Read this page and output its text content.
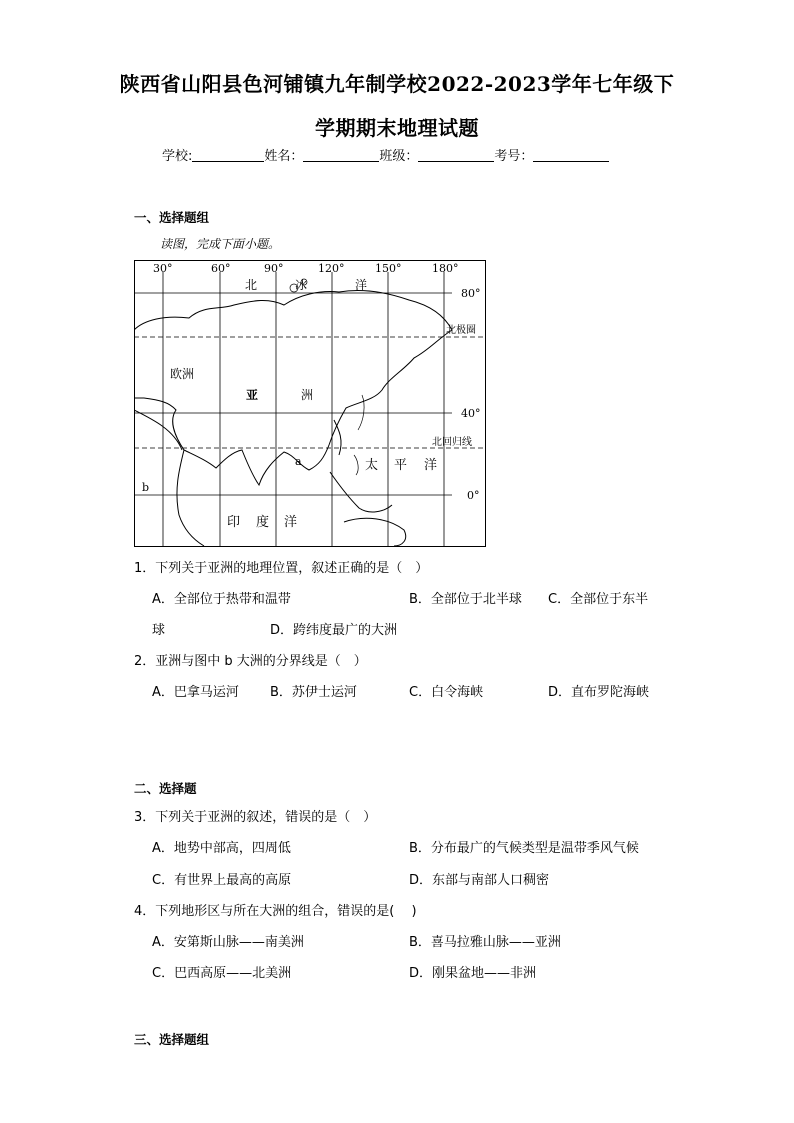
陕西省山阳县色河铺镇九年制学校2022-2023学年七年级下
学期期末地理试题
学校:	姓名：	班级：	考号：
一、选择题组
读图，完成下面小题。
30°	60°	90°	120°	150°	180°
80°
40°
0°
北极圈
北回归线
北	冰	洋
欧洲
亚	洲
太 平 洋
印 度 洋
a
b
1．下列关于亚洲的地理位置，叙述正确的是（　）
A．全部位于热带和温带	B．全部位于北半球 C．全部位于东半
球	D．跨纬度最广的大洲
2．亚洲与图中 b 大洲的分界线是（　）
A．巴拿马运河 B．苏伊士运河	C．白令海峡	D．直布罗陀海峡
二、选择题
3．下列关于亚洲的叙述，错误的是（　）
A．地势中部高，四周低	B．分布最广的气候类型是温带季风气候
C．有世界上最高的高原	D．东部与南部人口稠密
4．下列地形区与所在大洲的组合，错误的是(　 )
A．安第斯山脉——南美洲	B．喜马拉雅山脉——亚洲
C．巴西高原——北美洲	D．刚果盆地——非洲
三、选择题组
